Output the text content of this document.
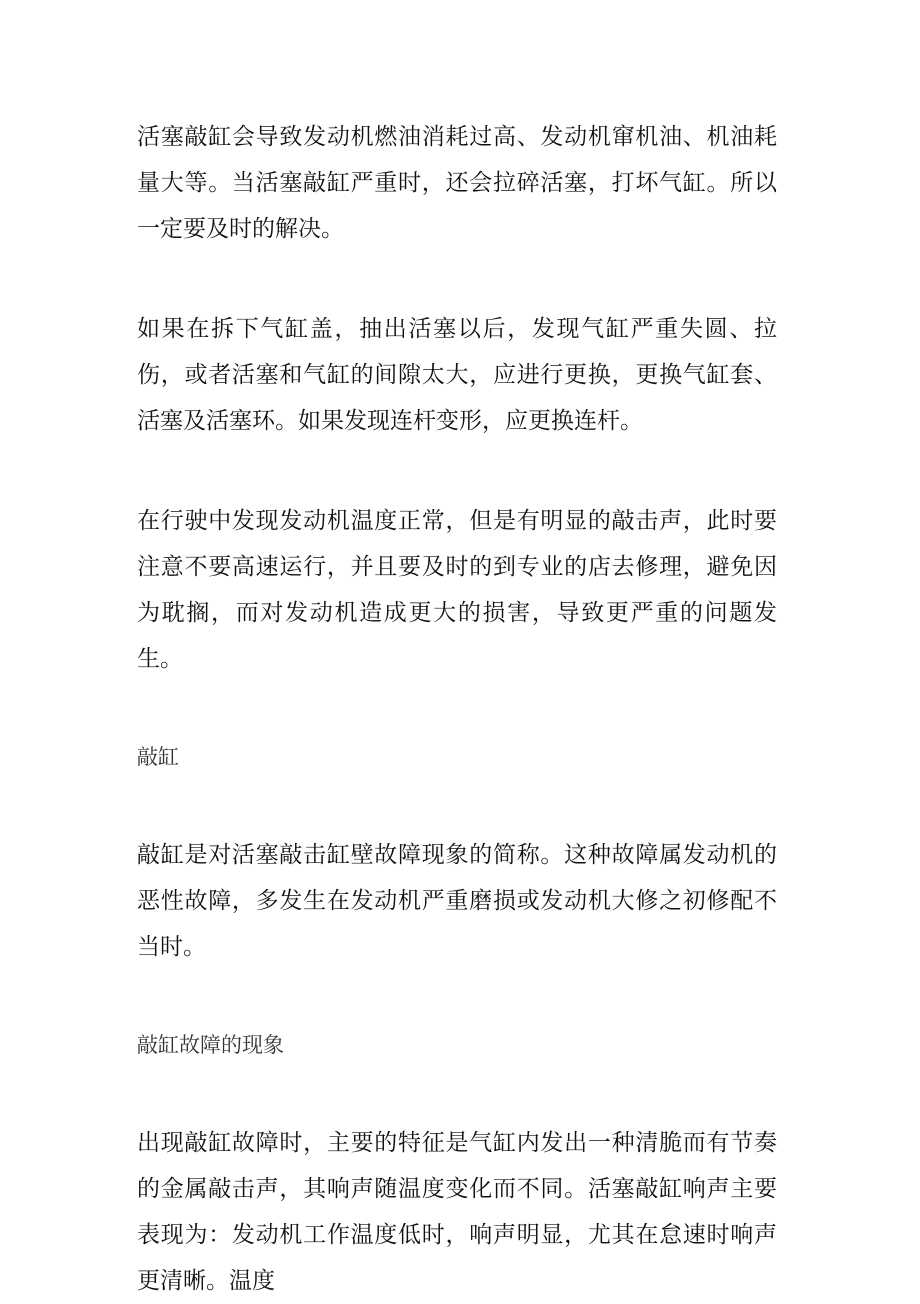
活塞敲缸会导致发动机燃油消耗过高、发动机窜机油、机油耗量大等。当活塞敲缸严重时，还会拉碎活塞，打坏气缸。所以一定要及时的解决。

如果在拆下气缸盖，抽出活塞以后，发现气缸严重失圆、拉伤，或者活塞和气缸的间隙太大，应进行更换，更换气缸套、活塞及活塞环。如果发现连杆变形，应更换连杆。

在行驶中发现发动机温度正常，但是有明显的敲击声，此时要注意不要高速运行，并且要及时的到专业的店去修理，避免因为耽搁，而对发动机造成更大的损害，导致更严重的问题发生。

敲缸

敲缸是对活塞敲击缸壁故障现象的简称。这种故障属发动机的恶性故障，多发生在发动机严重磨损或发动机大修之初修配不当时。

敲缸故障的现象

出现敲缸故障时，主要的特征是气缸内发出一种清脆而有节奏的金属敲击声，其响声随温度变化而不同。活塞敲缸响声主要表现为：发动机工作温度低时，响声明显，尤其在怠速时响声更清晰。温度
